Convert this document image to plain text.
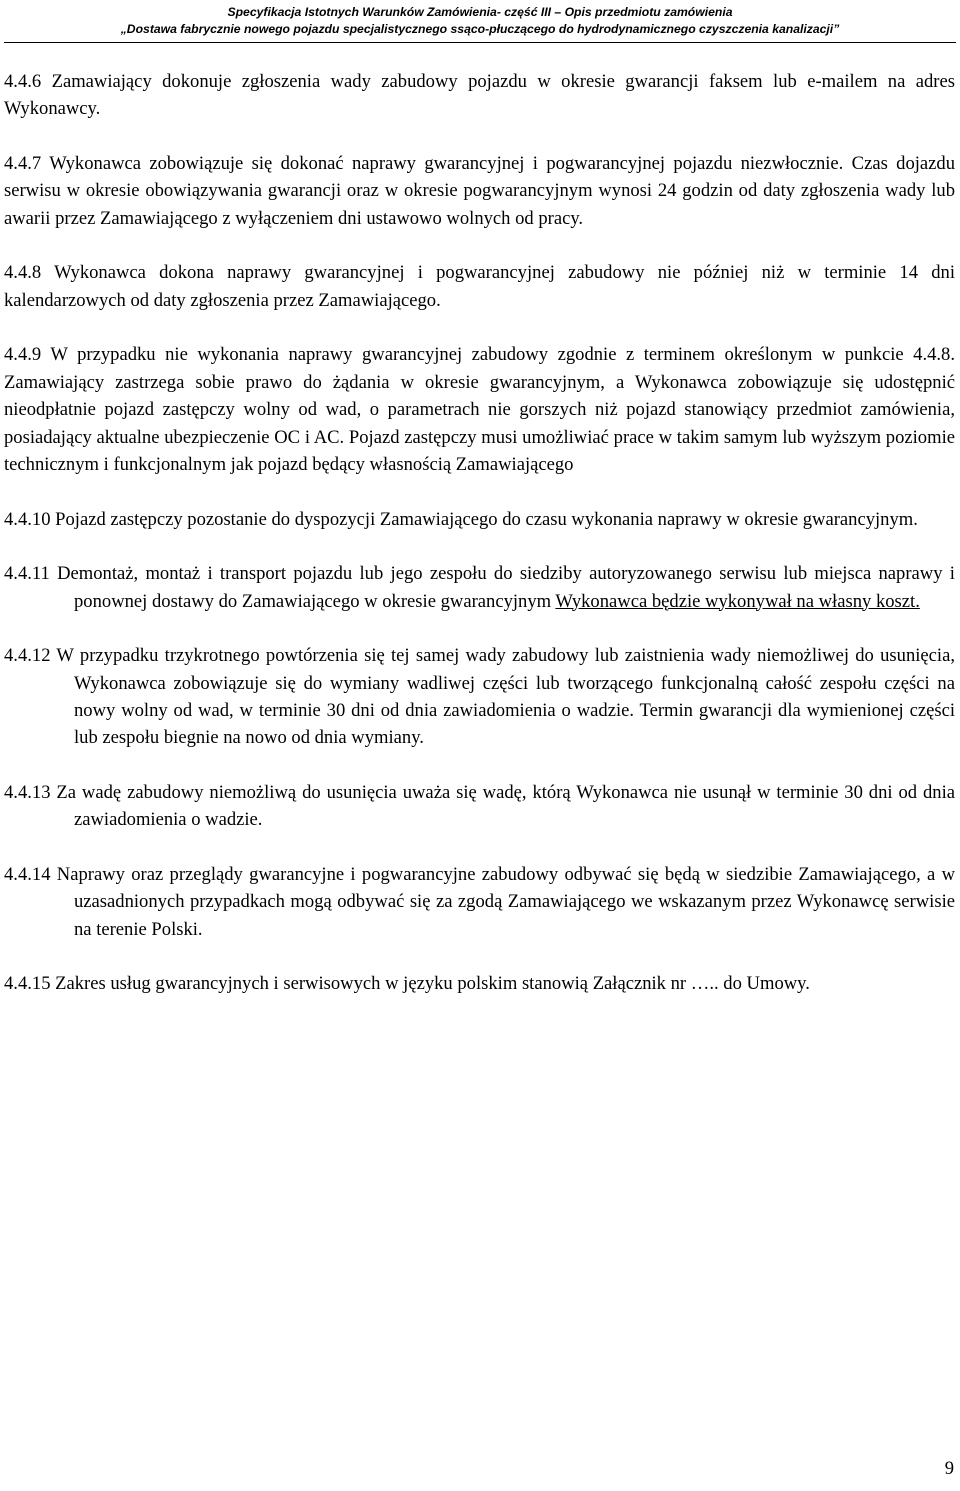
Specyfikacja Istotnych Warunków Zamówienia- część III – Opis przedmiotu zamówienia
„Dostawa fabrycznie nowego pojazdu specjalistycznego ssąco-płuczącego do hydrodynamicznego czyszczenia kanalizacji”

4.4.6 Zamawiający dokonuje zgłoszenia wady zabudowy pojazdu w okresie gwarancji faksem lub e-mailem na adres Wykonawcy.

4.4.7 Wykonawca zobowiązuje się dokonać naprawy gwarancyjnej i pogwarancyjnej pojazdu niezwłocznie. Czas dojazdu serwisu w okresie obowiązywania gwarancji oraz w okresie pogwarancyjnym wynosi 24 godzin od daty zgłoszenia wady lub awarii przez Zamawiającego z wyłączeniem dni ustawowo wolnych od pracy.

4.4.8 Wykonawca dokona naprawy gwarancyjnej i pogwarancyjnej zabudowy nie później niż w terminie 14 dni kalendarzowych od daty zgłoszenia przez Zamawiającego.

4.4.9 W przypadku nie wykonania naprawy gwarancyjnej zabudowy zgodnie z terminem określonym w punkcie 4.4.8. Zamawiający zastrzega sobie prawo do żądania w okresie gwarancyjnym, a Wykonawca zobowiązuje się udostępnić nieodpłatnie pojazd zastępczy wolny od wad, o parametrach nie gorszych niż pojazd stanowiący przedmiot zamówienia, posiadający aktualne ubezpieczenie OC i AC. Pojazd zastępczy musi umożliwiać prace w takim samym lub wyższym poziomie technicznym i funkcjonalnym jak pojazd będący własnością Zamawiającego

4.4.10 Pojazd zastępczy pozostanie do dyspozycji Zamawiającego do czasu wykonania naprawy w okresie gwarancyjnym.

4.4.11 Demontaż, montaż i transport pojazdu lub jego zespołu do siedziby autoryzowanego serwisu lub miejsca naprawy i ponownej dostawy do Zamawiającego w okresie gwarancyjnym Wykonawca będzie wykonywał na własny koszt.

4.4.12 W przypadku trzykrotnego powtórzenia się tej samej wady zabudowy lub zaistnienia wady niemożliwej do usunięcia, Wykonawca zobowiązuje się do wymiany wadliwej części lub tworzącego funkcjonalną całość zespołu części na nowy wolny od wad, w terminie 30 dni od dnia zawiadomienia o wadzie. Termin gwarancji dla wymienionej części lub zespołu biegnie na nowo od dnia wymiany.

4.4.13 Za wadę zabudowy niemożliwą do usunięcia uważa się wadę, którą Wykonawca nie usunął w terminie 30 dni od dnia zawiadomienia o wadzie.

4.4.14 Naprawy oraz przeglądy gwarancyjne i pogwarancyjne zabudowy odbywać się będą w siedzibie Zamawiającego, a w uzasadnionych przypadkach mogą odbywać się za zgodą Zamawiającego we wskazanym przez Wykonawcę serwisie na terenie Polski.

4.4.15 Zakres usług gwarancyjnych i serwisowych w języku polskim stanowią Załącznik nr ….. do Umowy.

9
